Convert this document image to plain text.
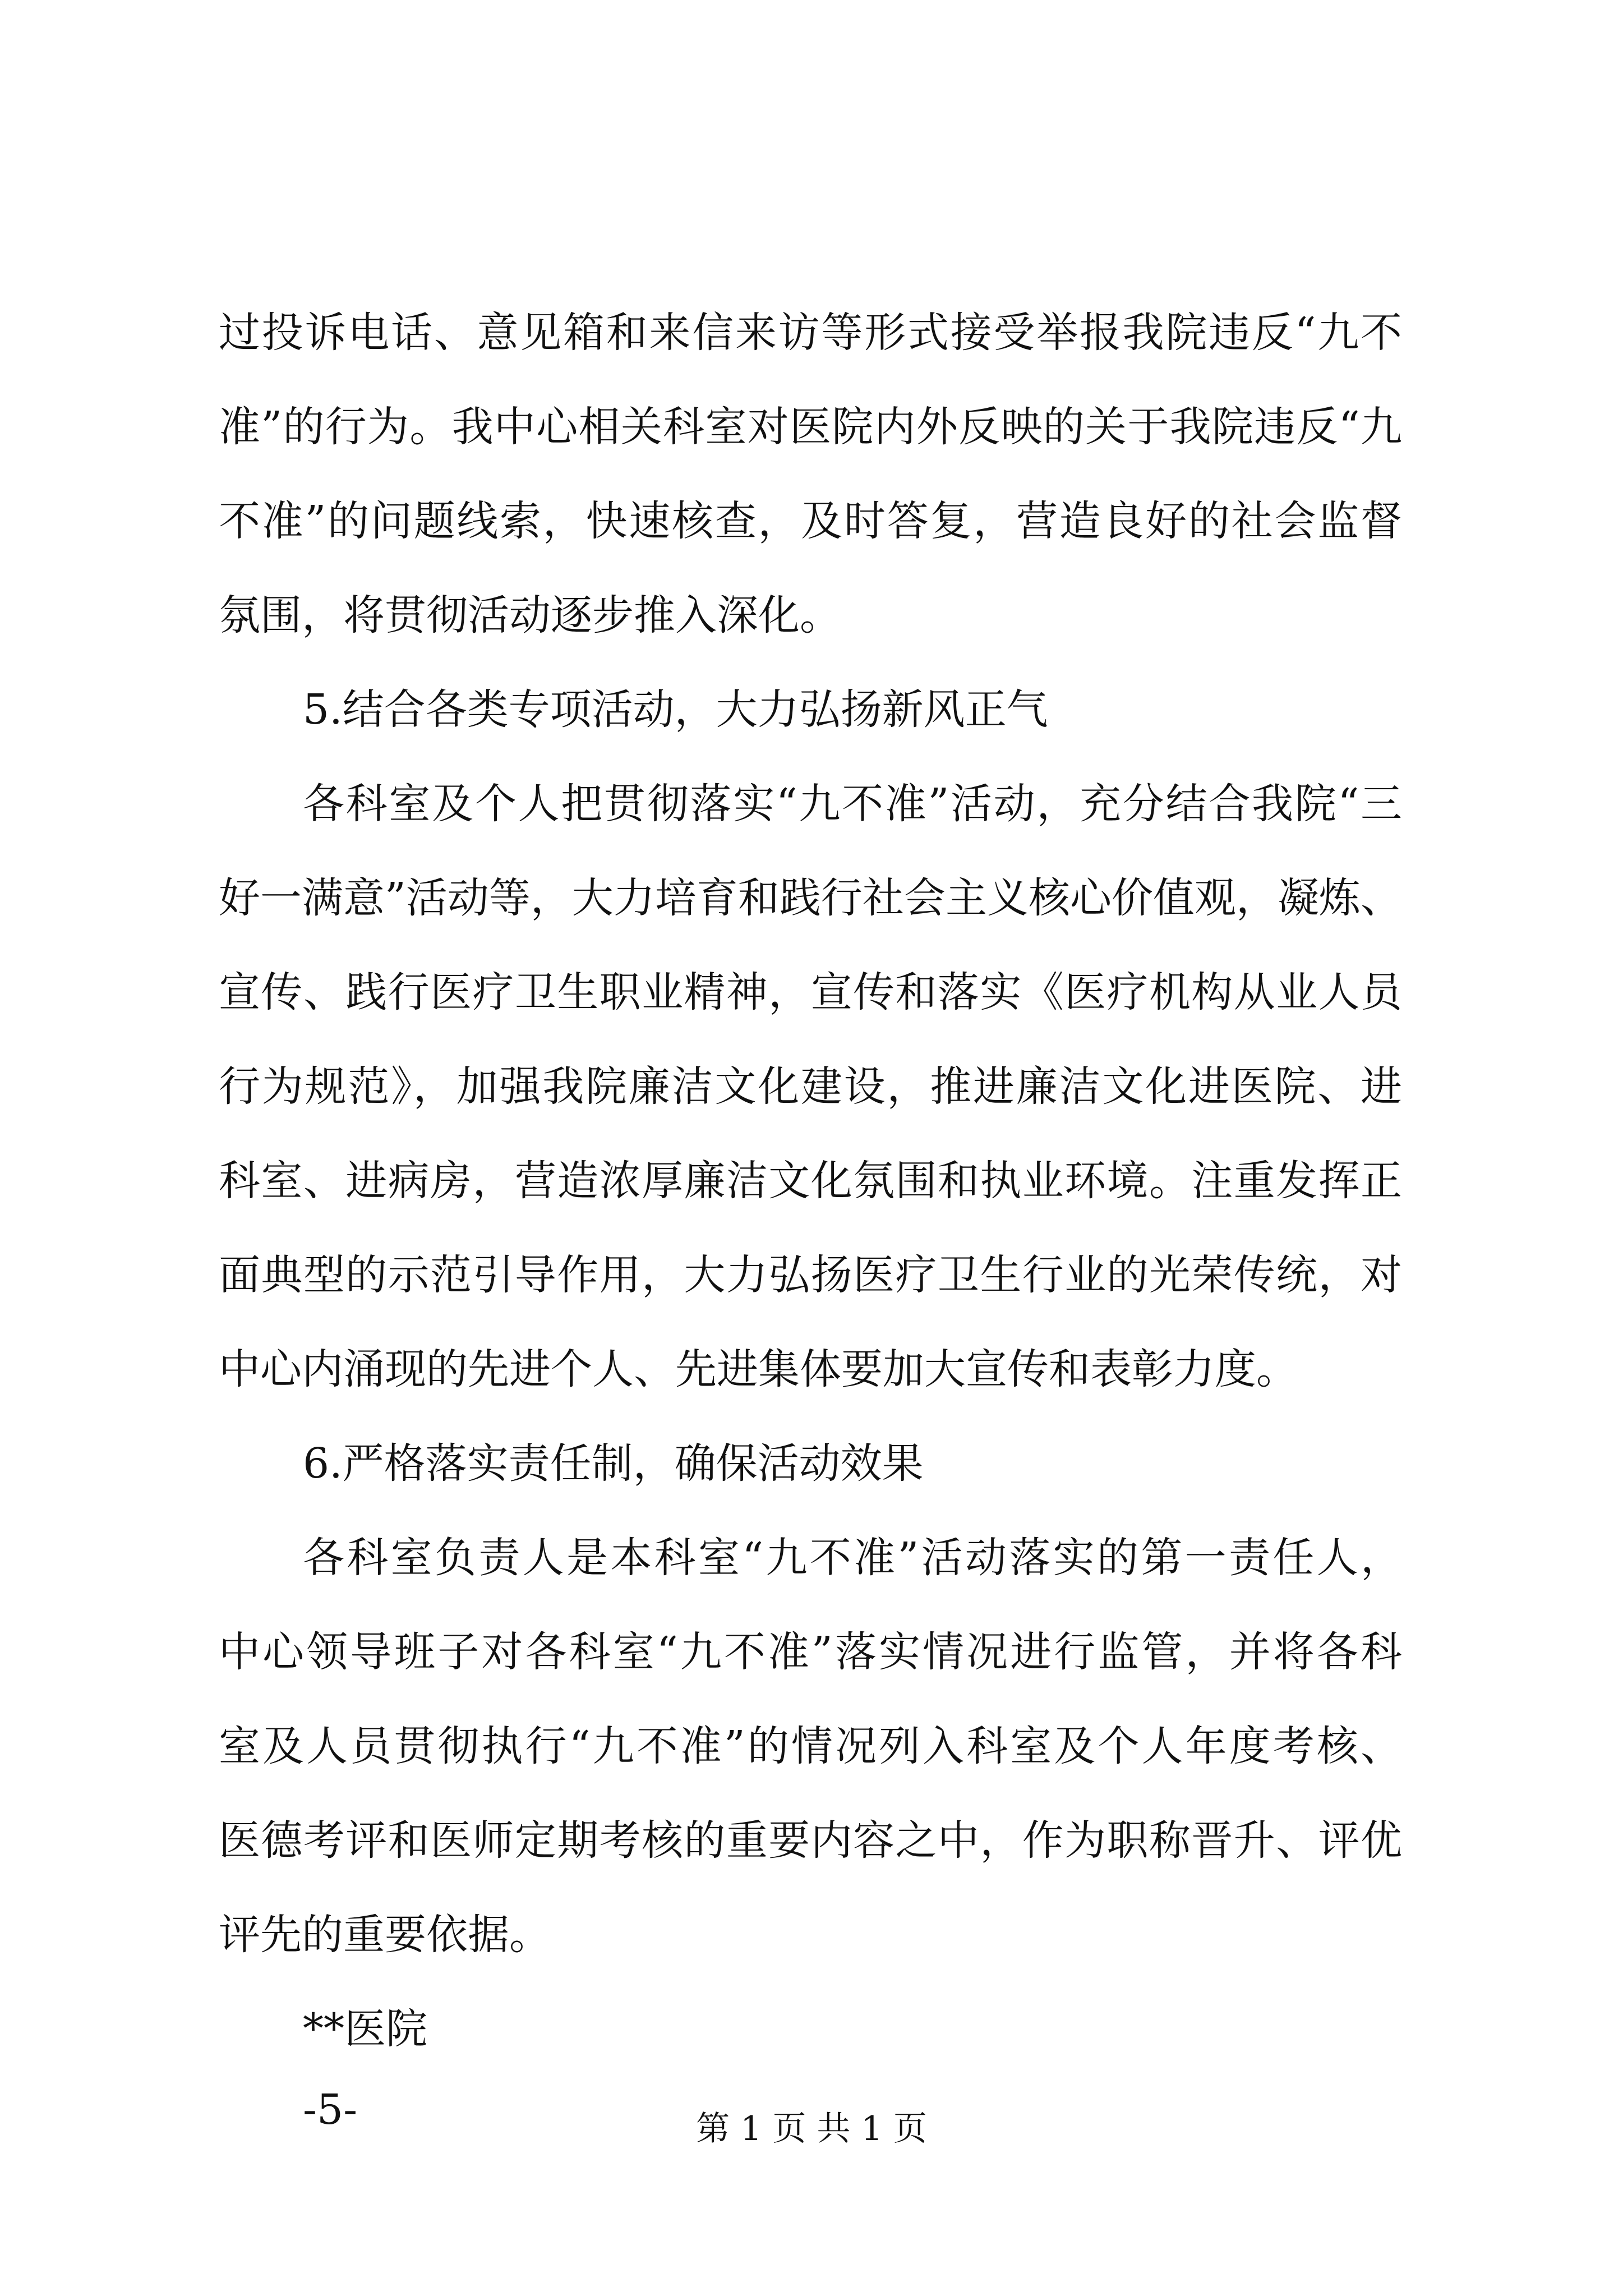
过投诉电话、意见箱和来信来访等形式接受举报我院违反“九不
准”的行为。我中心相关科室对医院内外反映的关于我院违反“九
不准”的问题线索，快速核查，及时答复，营造良好的社会监督
氛围，将贯彻活动逐步推入深化。
5.结合各类专项活动，大力弘扬新风正气
各科室及个人把贯彻落实“九不准”活动，充分结合我院“三
好一满意”活动等，大力培育和践行社会主义核心价值观，凝炼、
宣传、践行医疗卫生职业精神，宣传和落实《医疗机构从业人员
行为规范》，加强我院廉洁文化建设，推进廉洁文化进医院、进
科室、进病房，营造浓厚廉洁文化氛围和执业环境。注重发挥正
面典型的示范引导作用，大力弘扬医疗卫生行业的光荣传统，对
中心内涌现的先进个人、先进集体要加大宣传和表彰力度。
6.严格落实责任制，确保活动效果
各科室负责人是本科室“九不准”活动落实的第一责任人，
中心领导班子对各科室“九不准”落实情况进行监管，并将各科
室及人员贯彻执行“九不准”的情况列入科室及个人年度考核、
医德考评和医师定期考核的重要内容之中，作为职称晋升、评优
评先的重要依据。
**医院
-5-	第 1 页 共 1 页
